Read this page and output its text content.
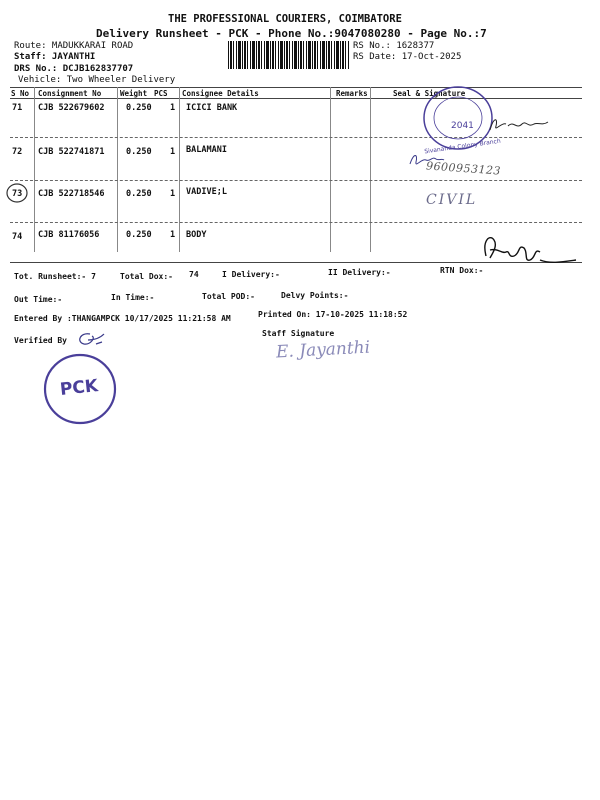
THE PROFESSIONAL COURIERS, COIMBATORE
Delivery Runsheet - PCK - Phone No.:9047080280 - Page No.:7
Route: MADUKKARAI ROAD
Staff: JAYANTHI
DRS No.: DCJB162837707
Vehicle: Two Wheeler Delivery
RS No.: 1628377
RS Date: 17-Oct-2025
S No Consignment No	Weight PCS Consignee Details	Remarks	Seal & Signature
71 CJB 522679602	0.250 1 ICICI BANK
72 CJB 522741871	0.250 1 BALAMANI
73 CJB 522718546	0.250 1 VADIVE;L
74 CJB 81176056	0.250 1 BODY
9600953123
CIVIL
2041
Sivananda Colony Branch
Tot. Runsheet:- 7	Total Dox:- 74	I Delivery:-	II Delivery:-	RTN Dox:-
Out Time:-	In Time:-	Total POD:-	Delvy Points:-
Entered By :THANGAMPCK 10/17/2025 11:21:58 AM	Printed On: 17-10-2025 11:18:52
Verified By
Staff Signature
E. Jayanthi
PCK
